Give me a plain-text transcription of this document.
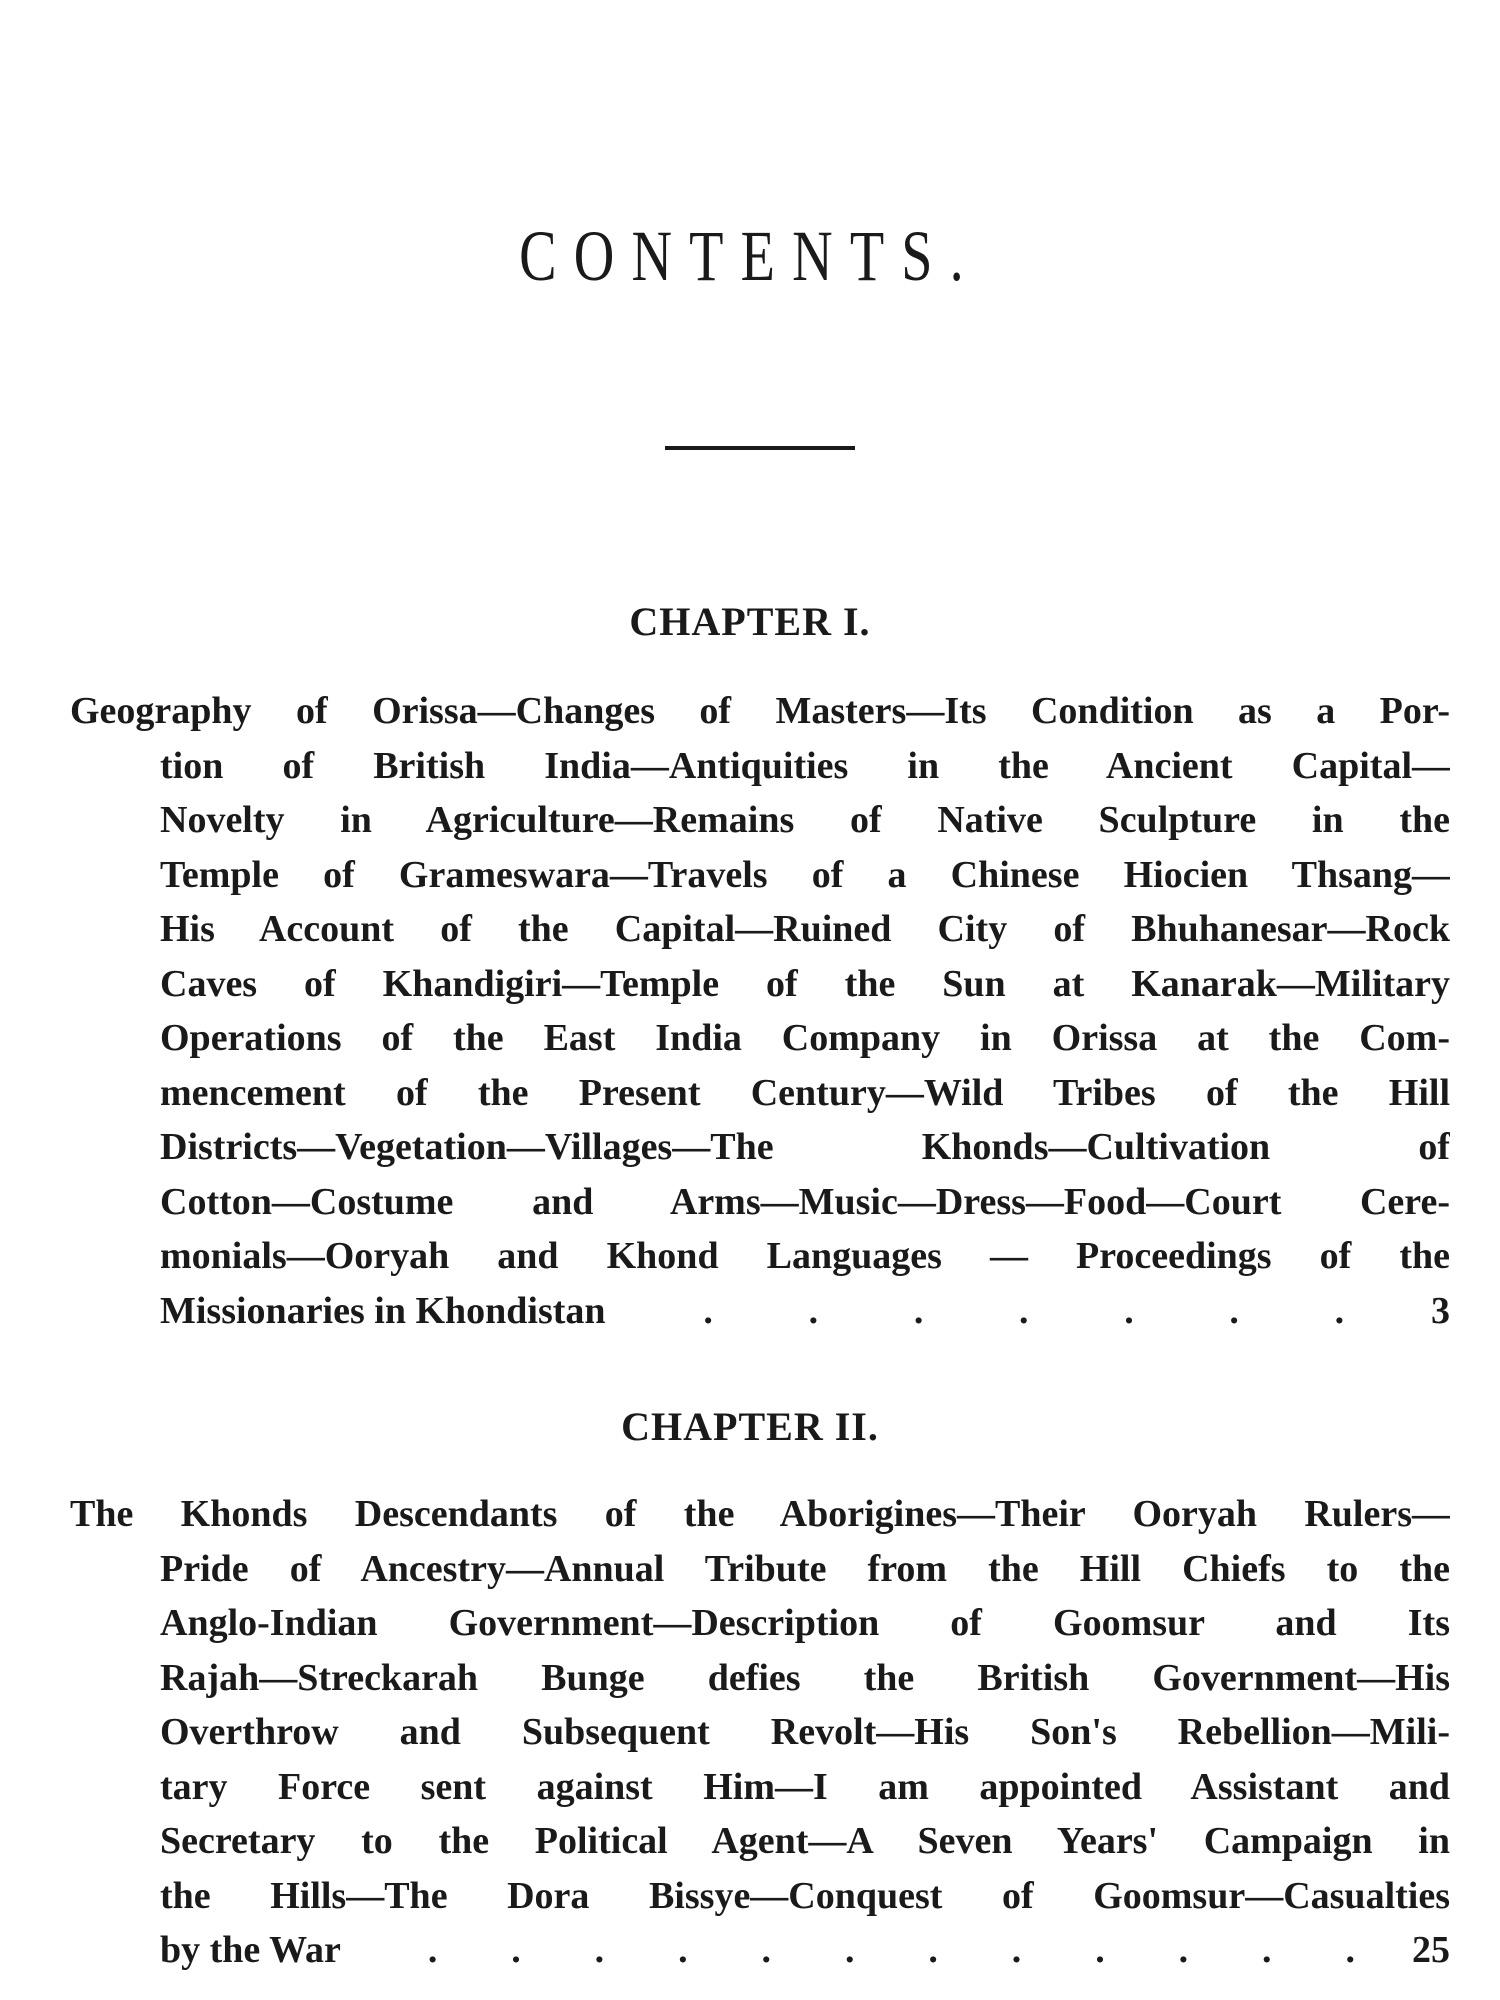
CONTENTS.
CHAPTER I.
Geography of Orissa—Changes of Masters—Its Condition as a Por-
tion of British India—Antiquities in the Ancient Capital—
Novelty in Agriculture—Remains of Native Sculpture in the
Temple of Grameswara—Travels of a Chinese Hiocien Thsang—
His Account of the Capital—Ruined City of Bhuhanesar—Rock
Caves of Khandigiri—Temple of the Sun at Kanarak—Military
Operations of the East India Company in Orissa at the Com-
mencement of the Present Century—Wild Tribes of the Hill
Districts—Vegetation—Villages—The Khonds—Cultivation of
Cotton—Costume and Arms—Music—Dress—Food—Court Cere-
monials—Ooryah and Khond Languages — Proceedings of the
Missionaries in Khondistan	.	.	.	.	.	.	.	3
CHAPTER II.
The Khonds Descendants of the Aborigines—Their Ooryah Rulers—
Pride of Ancestry—Annual Tribute from the Hill Chiefs to the
Anglo-Indian Government—Description of Goomsur and Its
Rajah—Streckarah Bunge defies the British Government—His
Overthrow and Subsequent Revolt—His Son's Rebellion—Mili-
tary Force sent against Him—I am appointed Assistant and
Secretary to the Political Agent—A Seven Years' Campaign in
the Hills—The Dora Bissye—Conquest of Goomsur—Casualties
by the War . . . . . . . . . . . . 25
